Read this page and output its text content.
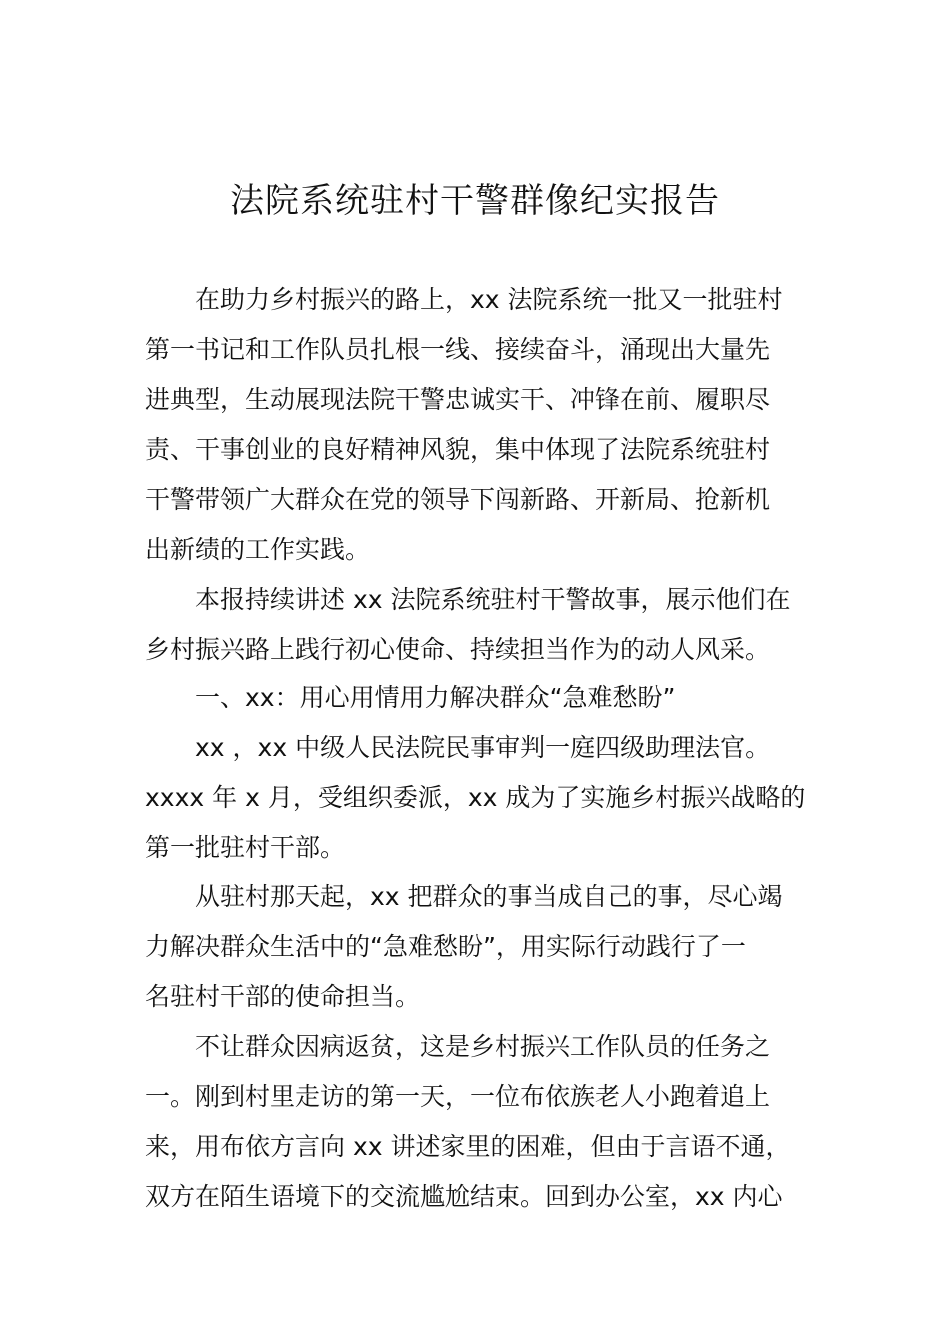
法院系统驻村干警群像纪实报告
在助力乡村振兴的路上，xx 法院系统一批又一批驻村
第一书记和工作队员扎根一线、接续奋斗，涌现出大量先
进典型，生动展现法院干警忠诚实干、冲锋在前、履职尽
责、干事创业的良好精神风貌，集中体现了法院系统驻村
干警带领广大群众在党的领导下闯新路、开新局、抢新机
出新绩的工作实践。
本报持续讲述 xx 法院系统驻村干警故事，展示他们在
乡村振兴路上践行初心使命、持续担当作为的动人风采。
一、xx：用心用情用力解决群众“急难愁盼”
xx ，xx 中级人民法院民事审判一庭四级助理法官。
xxxx 年 x 月，受组织委派，xx 成为了实施乡村振兴战略的
第一批驻村干部。
从驻村那天起，xx 把群众的事当成自己的事，尽心竭
力解决群众生活中的“急难愁盼”，用实际行动践行了一
名驻村干部的使命担当。
不让群众因病返贫，这是乡村振兴工作队员的任务之
一。刚到村里走访的第一天，一位布依族老人小跑着追上
来，用布依方言向 xx 讲述家里的困难，但由于言语不通，
双方在陌生语境下的交流尴尬结束。回到办公室，xx 内心
